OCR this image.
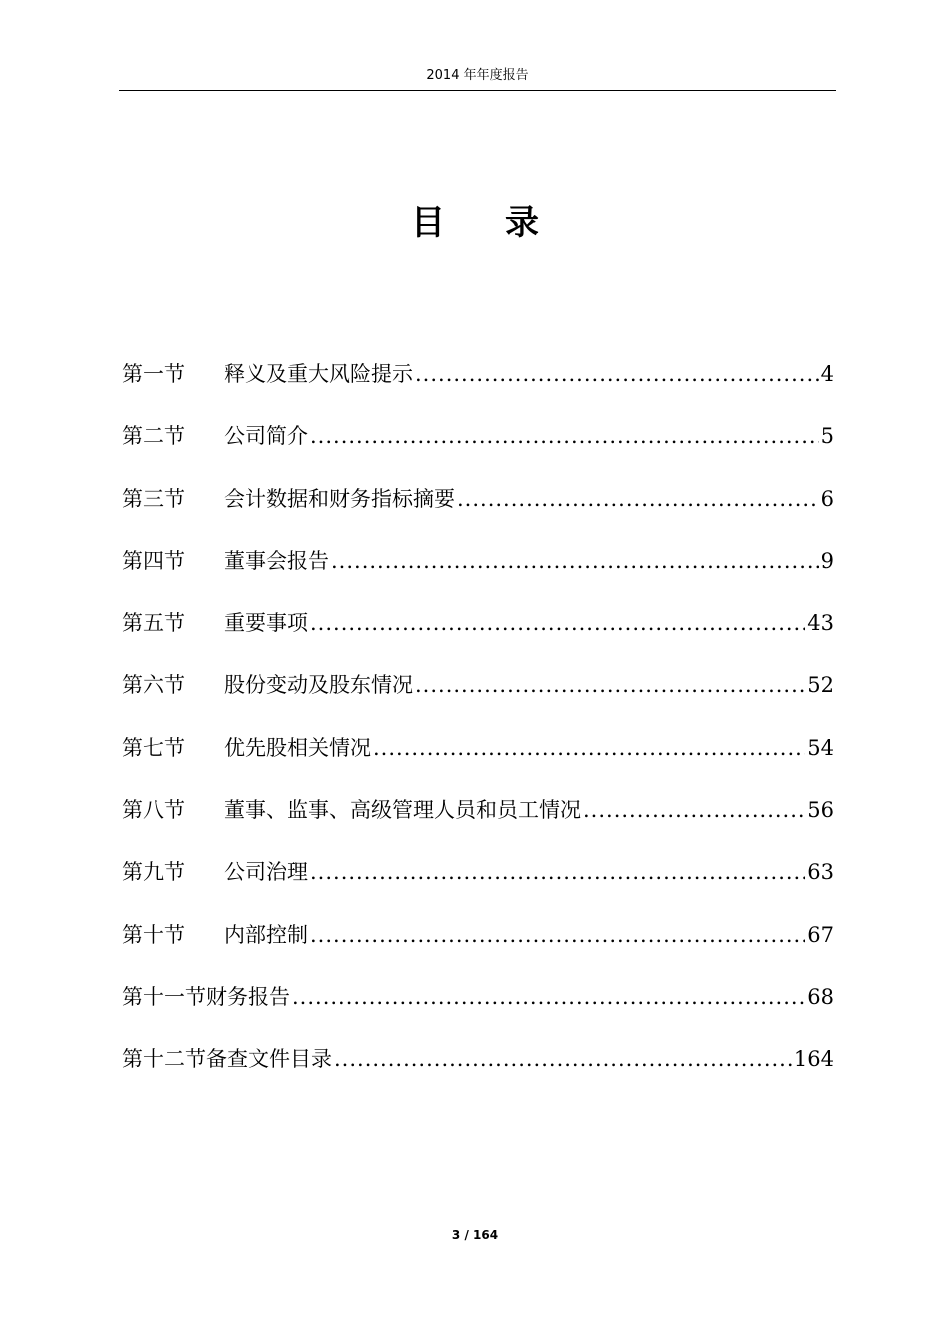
2014 年年度报告
目 录
第一节	释义及重大风险提示 .....	4
第二节	公司简介 .....	5
第三节	会计数据和财务指标摘要 .....	6
第四节	董事会报告 .....	9
第五节	重要事项 .....	43
第六节	股份变动及股东情况 .....	52
第七节	优先股相关情况 .....	54
第八节	董事、监事、高级管理人员和员工情况 .....	56
第九节	公司治理 .....	63
第十节	内部控制 .....	67
第十一节 财务报告 .....	68
第十二节 备查文件目录 .....	164
3 / 164
